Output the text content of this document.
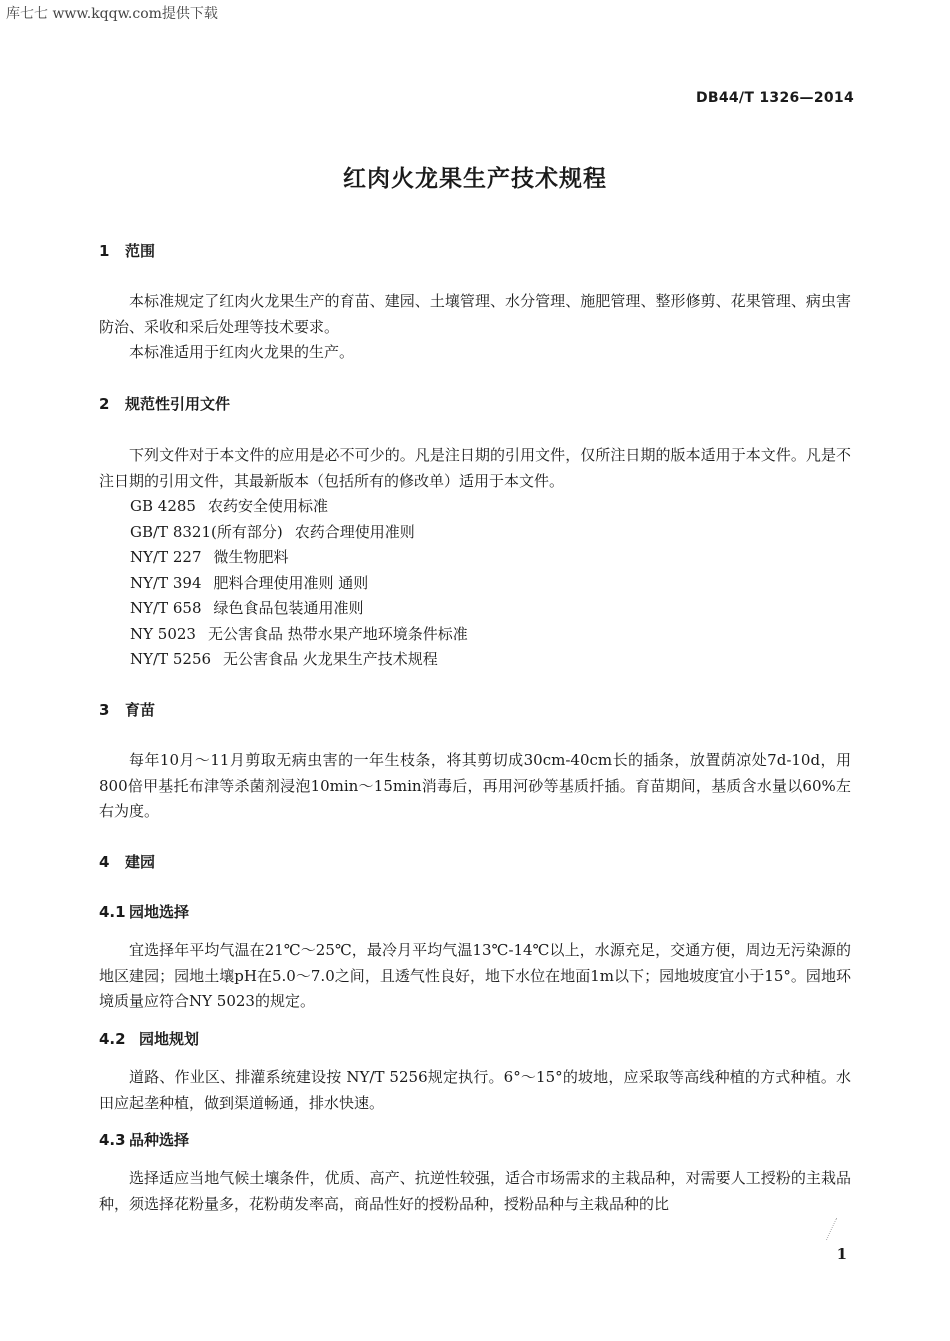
库七七 www.kqqw.com提供下载
DB44/T 1326—2014
红肉火龙果生产技术规程
1 范围

本标准规定了红肉火龙果生产的育苗、建园、土壤管理、水分管理、施肥管理、整形修剪、花果管理、病虫害防治、采收和采后处理等技术要求。

本标准适用于红肉火龙果的生产。

2 规范性引用文件

下列文件对于本文件的应用是必不可少的。凡是注日期的引用文件，仅所注日期的版本适用于本文件。凡是不注日期的引用文件，其最新版本（包括所有的修改单）适用于本文件。

GB 4285 农药安全使用标准
GB/T 8321(所有部分) 农药合理使用准则
NY/T 227 微生物肥料
NY/T 394 肥料合理使用准则 通则
NY/T 658 绿色食品包装通用准则
NY 5023 无公害食品 热带水果产地环境条件标准
NY/T 5256 无公害食品 火龙果生产技术规程
3 育苗

每年10月～11月剪取无病虫害的一年生枝条，将其剪切成30cm-40cm长的插条，放置荫凉处7d-10d，用800倍甲基托布津等杀菌剂浸泡10min～15min消毒后，再用河砂等基质扦插。育苗期间，基质含水量以60%左右为度。

4 建园
4.1 园地选择

宜选择年平均气温在21℃～25℃，最冷月平均气温13℃-14℃以上，水源充足，交通方便，周边无污染源的地区建园；园地土壤pH在5.0～7.0之间，且透气性良好，地下水位在地面1m以下；园地坡度宜小于15°。园地环境质量应符合NY 5023的规定。

4.2 园地规划

道路、作业区、排灌系统建设按 NY/T 5256规定执行。6°～15°的坡地，应采取等高线种植的方式种植。水田应起垄种植，做到渠道畅通，排水快速。

4.3 品种选择

选择适应当地气候土壤条件，优质、高产、抗逆性较强，适合市场需求的主栽品种，对需要人工授粉的主栽品种，须选择花粉量多，花粉萌发率高，商品性好的授粉品种，授粉品种与主栽品种的比

1
